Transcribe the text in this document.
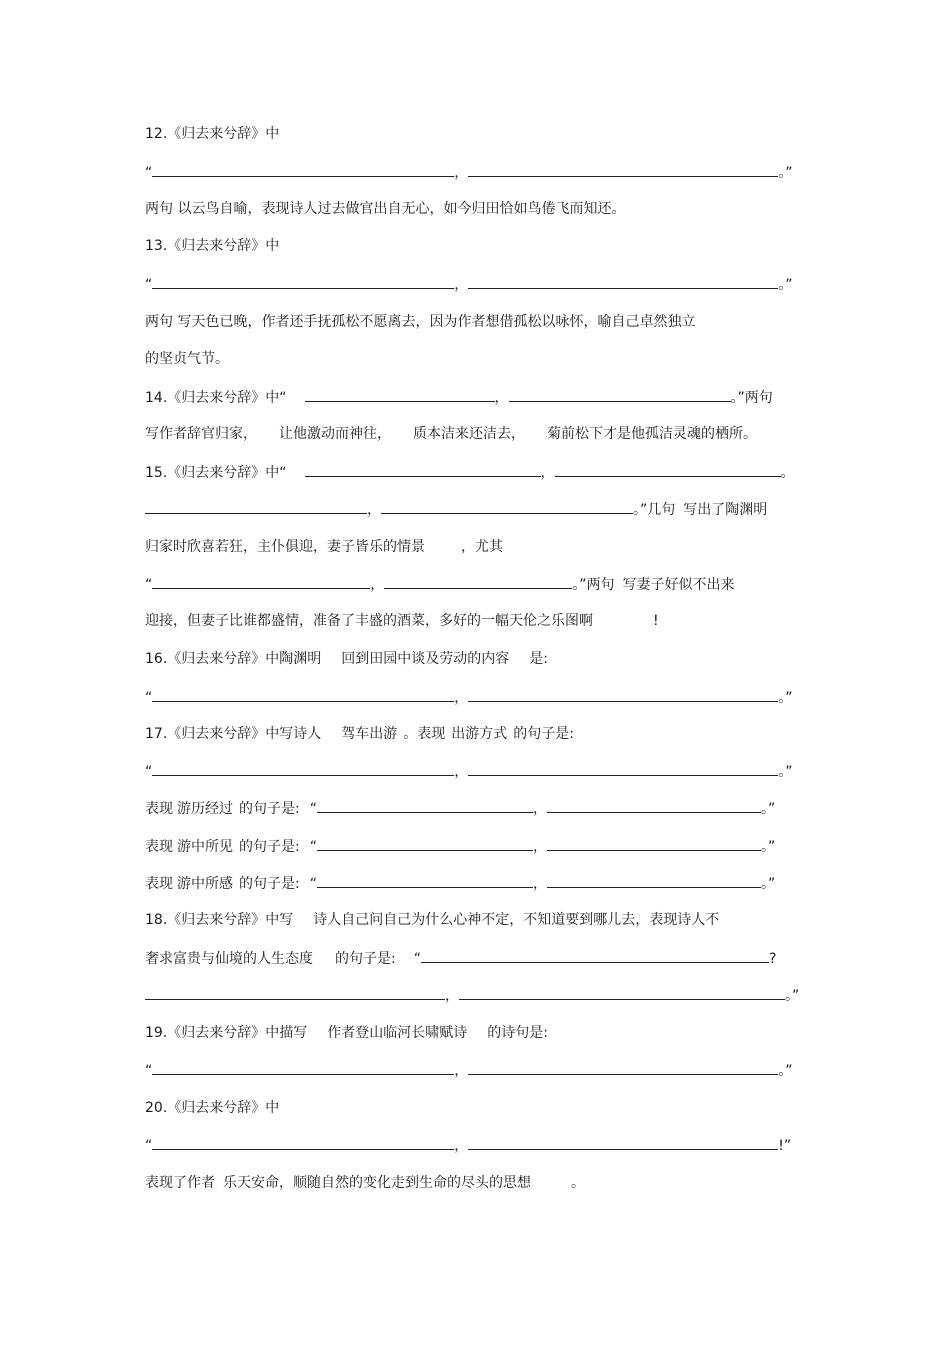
12.《归去来兮辞》中
“	，	。”
两句 以云鸟自喻，表现诗人过去做官出自无心，如今归田恰如鸟倦飞而知还。
13.《归去来兮辞》中
“	，	。”
两句 写天色已晚，作者还手抚孤松不愿离去，因为作者想借孤松以咏怀，喻自己卓然独立
的坚贞气节。
14.《归去来兮辞》中“	，	。”两句
写作者辞官归家， 让他激动而神往， 质本洁来还洁去， 菊前松下才是他孤洁灵魂的栖所。
15.《归去来兮辞》中“	，	。
，	。”几句 写出了陶渊明
归家时欣喜若狂，主仆俱迎，妻子皆乐的情景	，尤其
“	，	。”两句 写妻子好似不出来
迎接，但妻子比谁都盛情，准备了丰盛的酒菜，多好的一幅天伦之乐图啊	!
16.《归去来兮辞》中陶渊明 回到田园中谈及劳动的内容 是:
“	，	。”
17.《归去来兮辞》中写诗人 驾车出游 。表现 出游方式 的句子是:
“	，	。”
表现 游历经过 的句子是: “	，	。”
表现 游中所见 的句子是: “	，	。”
表现 游中所感 的句子是: “	，	。”
18.《归去来兮辞》中写 诗人自己问自己为什么心神不定，不知道要到哪儿去，表现诗人不
奢求富贵与仙境的人生态度 的句子是: “	?
，	。”
19.《归去来兮辞》中描写 作者登山临河长啸赋诗 的诗句是:
“	，	。”
20.《归去来兮辞》中
“	，	!”
表现了作者 乐天安命，顺随自然的变化走到生命的尽头的思想	。
